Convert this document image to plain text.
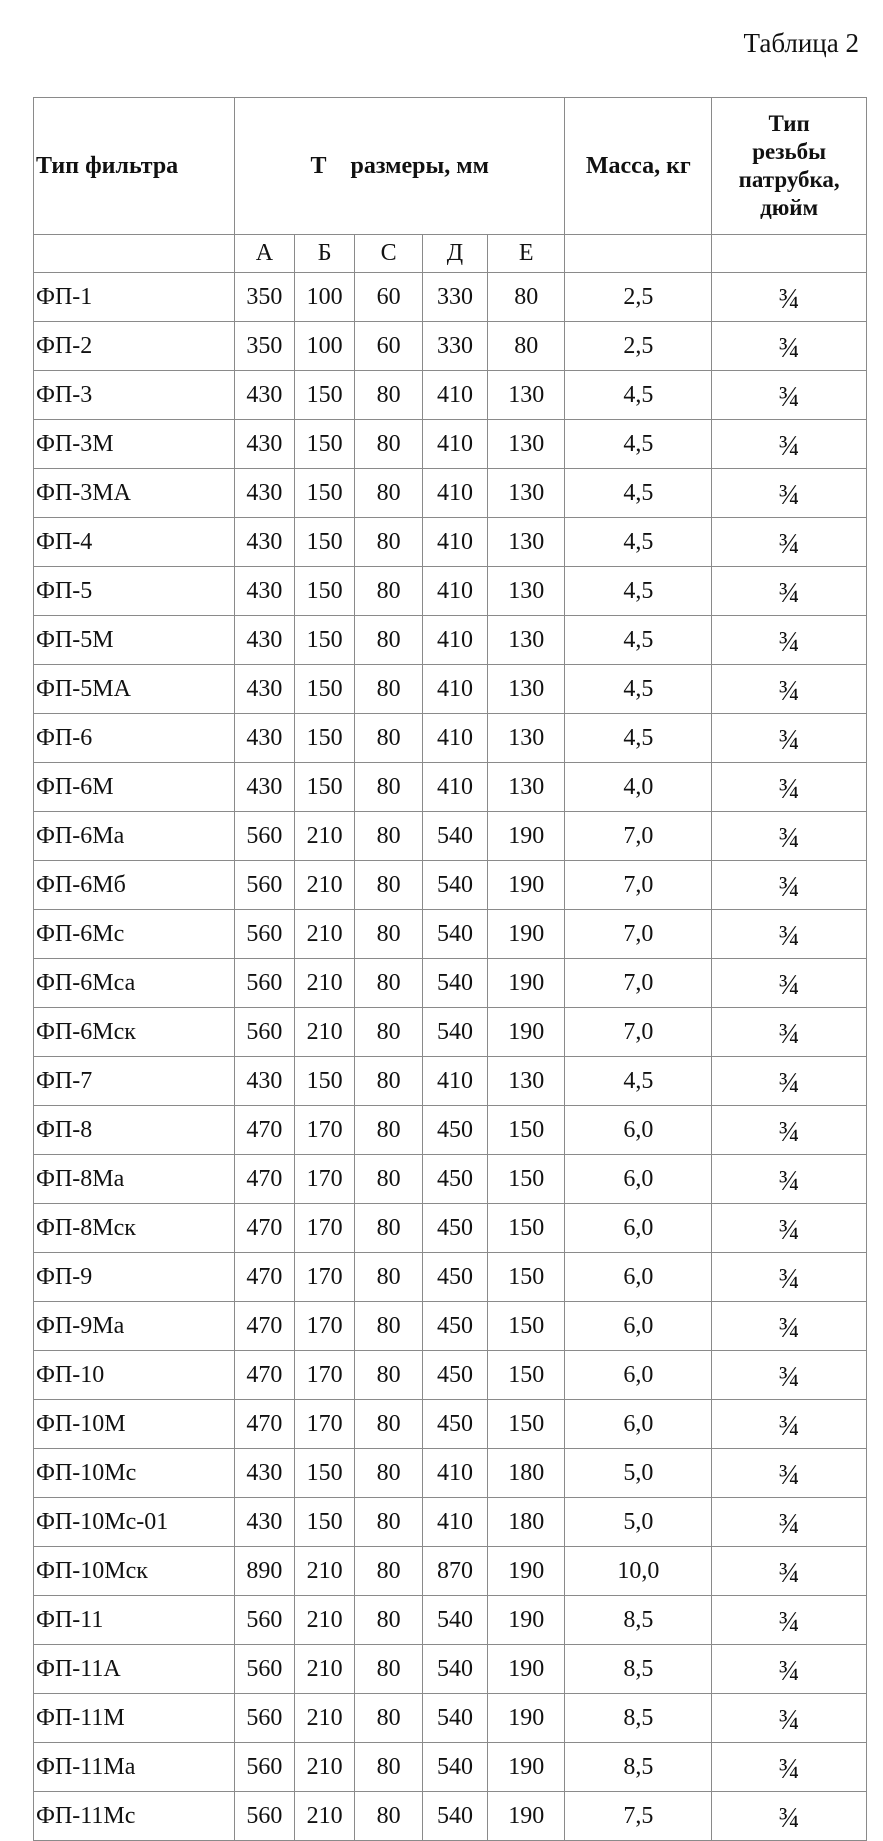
Таблица 2
Тип фильтра	Т    размеры, мм					Масса, кг	Тип
резьбы
патрубка,
дюйм

	А	Б	С	Д	Е		
ФП-1	350	100	60	330	80	2,5	¾
ФП-2	350	100	60	330	80	2,5	¾
ФП-3	430	150	80	410	130	4,5	¾
ФП-3М	430	150	80	410	130	4,5	¾
ФП-3МА	430	150	80	410	130	4,5	¾
ФП-4	430	150	80	410	130	4,5	¾
ФП-5	430	150	80	410	130	4,5	¾
ФП-5М	430	150	80	410	130	4,5	¾
ФП-5МА	430	150	80	410	130	4,5	¾
ФП-6	430	150	80	410	130	4,5	¾
ФП-6М	430	150	80	410	130	4,0	¾
ФП-6Ма	560	210	80	540	190	7,0	¾
ФП-6Мб	560	210	80	540	190	7,0	¾
ФП-6Мс	560	210	80	540	190	7,0	¾
ФП-6Мса	560	210	80	540	190	7,0	¾
ФП-6Мск	560	210	80	540	190	7,0	¾
ФП-7	430	150	80	410	130	4,5	¾
ФП-8	470	170	80	450	150	6,0	¾
ФП-8Ма	470	170	80	450	150	6,0	¾
ФП-8Мск	470	170	80	450	150	6,0	¾
ФП-9	470	170	80	450	150	6,0	¾
ФП-9Ма	470	170	80	450	150	6,0	¾
ФП-10	470	170	80	450	150	6,0	¾
ФП-10М	470	170	80	450	150	6,0	¾
ФП-10Мс	430	150	80	410	180	5,0	¾
ФП-10Мс-01	430	150	80	410	180	5,0	¾
ФП-10Мск	890	210	80	870	190	10,0	¾
ФП-11	560	210	80	540	190	8,5	¾
ФП-11А	560	210	80	540	190	8,5	¾
ФП-11М	560	210	80	540	190	8,5	¾
ФП-11Ма	560	210	80	540	190	8,5	¾
ФП-11Мс	560	210	80	540	190	7,5	¾
